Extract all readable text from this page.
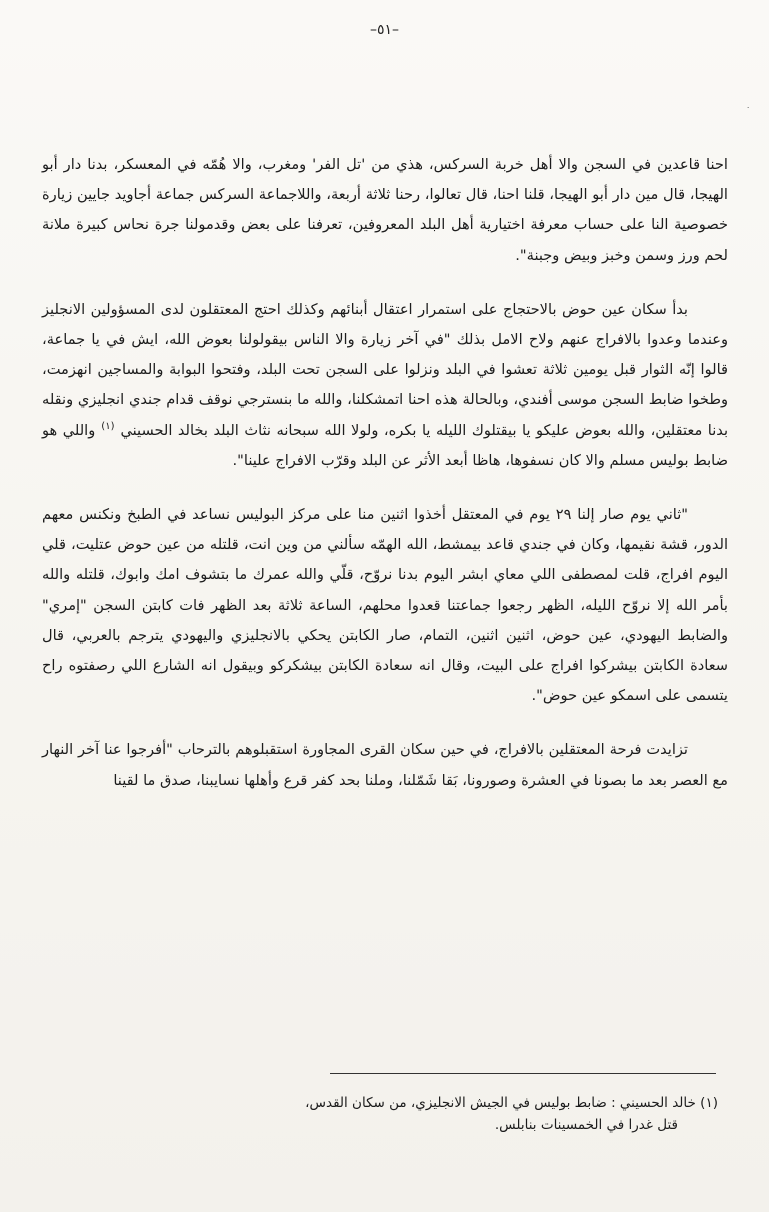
–٥١–
٠

احنا قاعدين في السجن والا أهل خربة السركس، هذي من 'تل الفر' ومغرب، والا هُمّه في المعسكر، بدنا دار أبو الهيجا، قال مين دار أبو الهيجا، قلنا احنا، قال تعالوا، رحنا ثلاثة أربعة، واللاجماعة السركس جماعة أجاويد جايين زيارة خصوصية النا على حساب معرفة اختيارية أهل البلد المعروفين، تعرفنا على بعض وقدمولنا جرة نحاس كبيرة ملانة لحم ورز وسمن وخبز وبيض وجبنة".

بدأ سكان عين حوض بالاحتجاج على استمرار اعتقال أبنائهم وكذلك احتج المعتقلون لدى المسؤولين الانجليز وعندما وعدوا بالافراج عنهم ولاح الامل بذلك "في آخر زيارة والا الناس بيقولولنا بعوض الله، ايش في يا جماعة، قالوا إنّه الثوار قبل يومين ثلاثة تعشوا في البلد ونزلوا على السجن تحت البلد، وفتحوا البوابة والمساجين انهزمت، وطخوا ضابط السجن موسى أفندي، وبالحالة هذه احنا اتمشكلنا، والله ما بنسترجي نوقف قدام جندي انجليزي ونقله بدنا معتقلين، والله بعوض عليكو يا بيقتلوك الليله يا بكره، ولولا الله سبحانه نثاث البلد بخالد الحسيني$^{(١)}$واللي هو ضابط بوليس مسلم والا كان نسفوها، هاظا أبعد الأثر عن البلد وقرّب الافراج علينا".

"ثاني يوم صار إلنا ٢٩ يوم في المعتقل أخذوا اثنين منا على مركز البوليس نساعد في الطبخ ونكنس معهم الدور، قشة نقيمها، وكان في جندي قاعد بيمشط، الله الهمّه سألني من وين انت، قلتله من عين حوض عتليت، قلي اليوم افراج، قلت لمصطفى اللي معاي ابشر اليوم بدنا نروّح، قلّي والله عمرك ما بتشوف امك وابوك، قلتله والله بأمر الله إلا نروّح الليله، الظهر رجعوا جماعتنا قعدوا محلهم، الساعة ثلاثة بعد الظهر فات كابتن السجن "إمري" والضابط اليهودي، عين حوض، اثنين اثنين، التمام، صار الكابتن يحكي بالانجليزي واليهودي يترجم بالعربي، قال سعادة الكابتن بيشركوا افراج على البيت، وقال انه سعادة الكابتن بيشكركو وبيقول انه الشارع اللي رصفتوه راح يتسمى على اسمكو عين حوض".

تزايدت فرحة المعتقلين بالافراج، في حين سكان القرى المجاورة استقبلوهم بالترحاب "أفرجوا عنا آخر النهار مع العصر بعد ما بصونا في العشرة وصورونا، بَقا شَمّلنا، وملنا بحد كفر قرع وأهلها نسايبنا، صدق ما لقينا

(١) خالد الحسيني : ضابط بوليس في الجيش الانجليزي، من سكان القدس،
قتل غدرا في الخمسينات بنابلس.
